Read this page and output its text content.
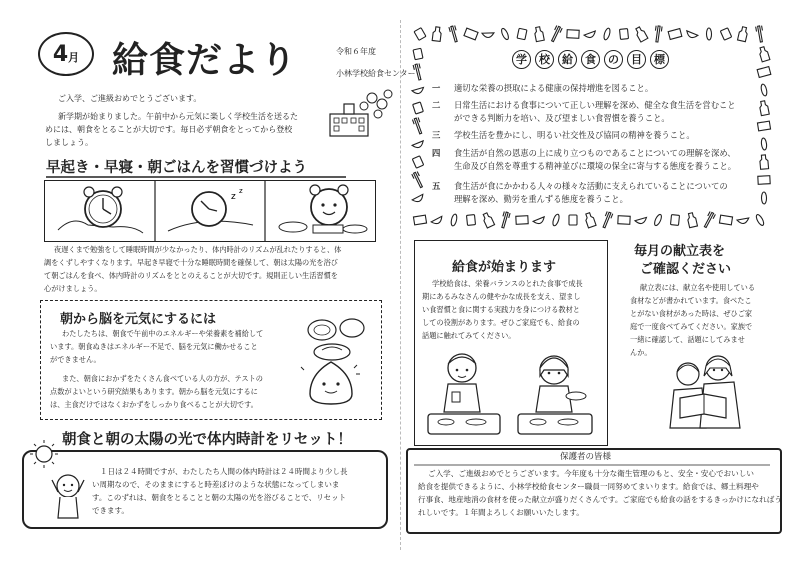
4 月 給食だより	令和６年度
小林学校給食センター
ご入学、ご進級おめでとうございます。
新学期が始まりました。午前中から元気に楽しく学校生活を送るた
めには、朝食をとることが大切です。毎日必ず朝食をとってから登校
しましょう。
早起き・早寝・朝ごはんを習慣づけよう
z
z
夜遅くまで勉強をして睡眠時間が少なかったり、体内時計のリズムが乱れたりすると、体
調をくずしやすくなります。早起き早寝で十分な睡眠時間を確保して、朝は太陽の光を浴び
て朝ごはんを食べ、体内時計のリズムをととのえることが大切です。規則正しい生活習慣を
心がけましょう。
朝から脳を元気にするには
わたしたちは、朝食で午前中のエネルギーや栄養素を補給して
います。朝食ぬきはエネルギー不足で、脳を元気に働かせること
ができません。
また、朝食におかずをたくさん食べている人の方が、テストの
点数がよいという研究結果もあります。朝から脳を元気にするに
は、主食だけではなくおかずをしっかり食べることが大切です。
朝食と朝の太陽の光で体内時計をリセット！
１日は２４時間ですが、わたしたち人間の体内時計は２４時間より少し長
い周期なので、そのままにすると時差ぼけのような状態になってしまいま
す。このずれは、朝食をとることと朝の太陽の光を浴びることで、リセット
できます。
学	校	給	食	の	目	標
一 適切な栄養の摂取による健康の保持増進を図ること。
二 日常生活における食事について正しい理解を深め、健全な食生活を営むこと
ができる判断力を培い、及び望ましい食習慣を養うこと。
三 学校生活を豊かにし、明るい社交性及び協同の精神を養うこと。
四 食生活が自然の恩恵の上に成り立つものであることについての理解を深め、
生命及び自然を尊重する精神並びに環境の保全に寄与する態度を養うこと。
五 食生活が食にかかわる人々の様々な活動に支えられていることについての
理解を深め、勤労を重んずる態度を養うこと。
給食が始まります
学校給食は、栄養バランスのとれた食事で成長
期にあるみなさんの健やかな成長を支え、望まし
い食習慣と食に関する実践力を身につける教材と
しての役割があります。ぜひご家庭でも、給食の
話題に触れてみてください。
毎月の献立表を
ご確認ください
献立表には、献立名や使用している
食材などが書かれています。食べたこ
とがない食材があった時は、ぜひご家
庭で一度食べてみてください。家族で
一緒に確認して、話題にしてみませ
んか。
保護者の皆様
ご入学、ご進級おめでとうございます。今年度も十分な衛生管理のもと、安全・安心でおいしい
給食を提供できるように、小林学校給食センター職員一同努めてまいります。給食では、郷土料理や
行事食、地産地消の食材を使った献立が盛りだくさんです。ご家庭でも給食の話をするきっかけになればう
れしいです。１年間よろしくお願いいたします。
